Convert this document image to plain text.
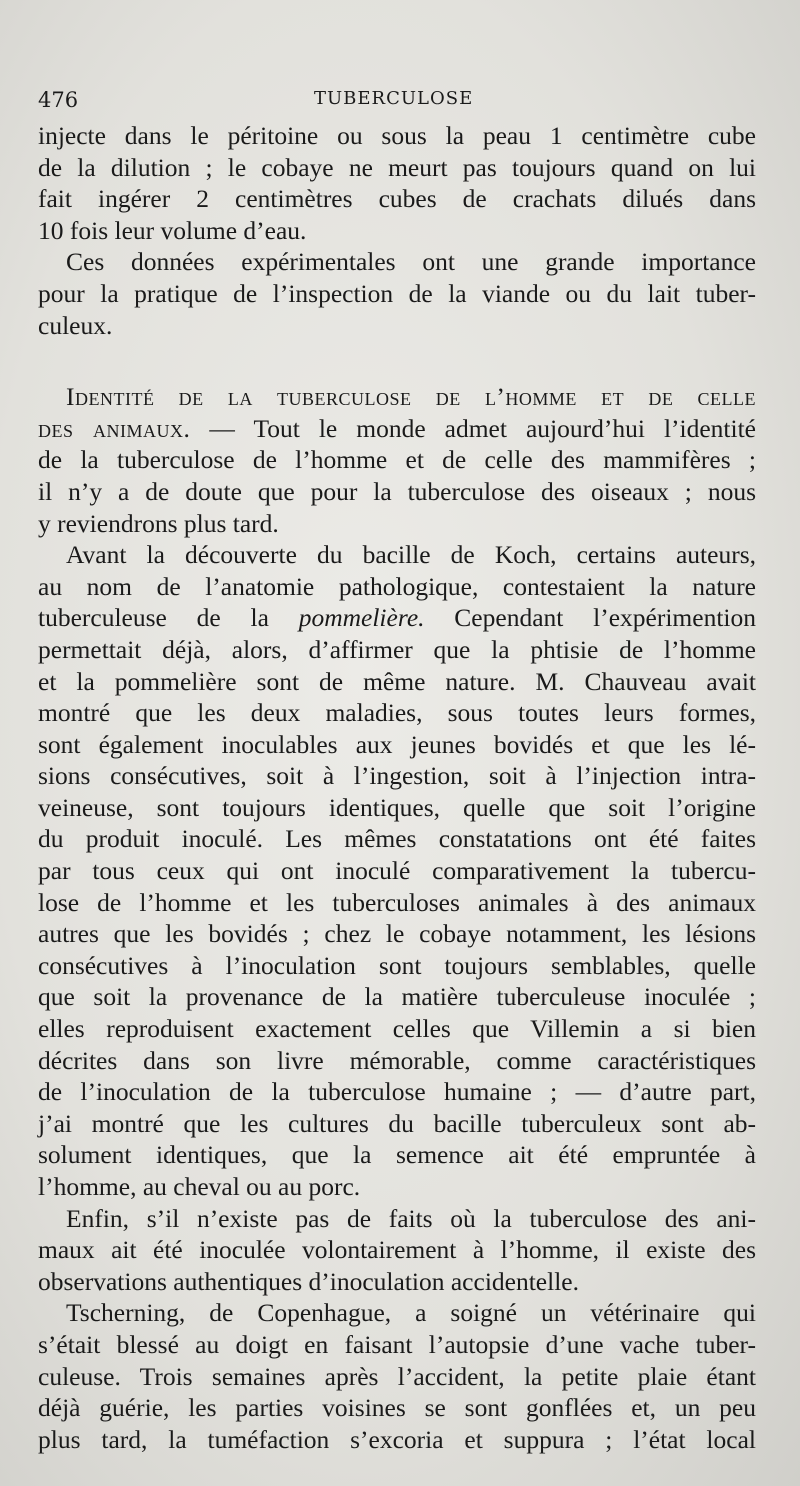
476	TUBERCULOSE
injecte dans le péritoine ou sous la peau 1 centimètre cube
de la dilution ; le cobaye ne meurt pas toujours quand on lui
fait ingérer 2 centimètres cubes de crachats dilués dans
10 fois leur volume d’eau.
Ces données expérimentales ont une grande importance
pour la pratique de l’inspection de la viande ou du lait tuber-
culeux.
Identité de la tuberculose de l’homme et de celle
des animaux. — Tout le monde admet aujourd’hui l’identité
de la tuberculose de l’homme et de celle des mammifères ;
il n’y a de doute que pour la tuberculose des oiseaux ; nous
y reviendrons plus tard.
Avant la découverte du bacille de Koch, certains auteurs,
au nom de l’anatomie pathologique, contestaient la nature
tuberculeuse de la pommelière. Cependant l’expérimention
permettait déjà, alors, d’affirmer que la phtisie de l’homme
et la pommelière sont de même nature. M. Chauveau avait
montré que les deux maladies, sous toutes leurs formes,
sont également inoculables aux jeunes bovidés et que les lé-
sions consécutives, soit à l’ingestion, soit à l’injection intra-
veineuse, sont toujours identiques, quelle que soit l’origine
du produit inoculé. Les mêmes constatations ont été faites
par tous ceux qui ont inoculé comparativement la tubercu-
lose de l’homme et les tuberculoses animales à des animaux
autres que les bovidés ; chez le cobaye notamment, les lésions
consécutives à l’inoculation sont toujours semblables, quelle
que soit la provenance de la matière tuberculeuse inoculée ;
elles reproduisent exactement celles que Villemin a si bien
décrites dans son livre mémorable, comme caractéristiques
de l’inoculation de la tuberculose humaine ; — d’autre part,
j’ai montré que les cultures du bacille tuberculeux sont ab-
solument identiques, que la semence ait été empruntée à
l’homme, au cheval ou au porc.
Enfin, s’il n’existe pas de faits où la tuberculose des ani-
maux ait été inoculée volontairement à l’homme, il existe des
observations authentiques d’inoculation accidentelle.
Tscherning, de Copenhague, a soigné un vétérinaire qui
s’était blessé au doigt en faisant l’autopsie d’une vache tuber-
culeuse. Trois semaines après l’accident, la petite plaie étant
déjà guérie, les parties voisines se sont gonflées et, un peu
plus tard, la tuméfaction s’excoria et suppura ; l’état local
